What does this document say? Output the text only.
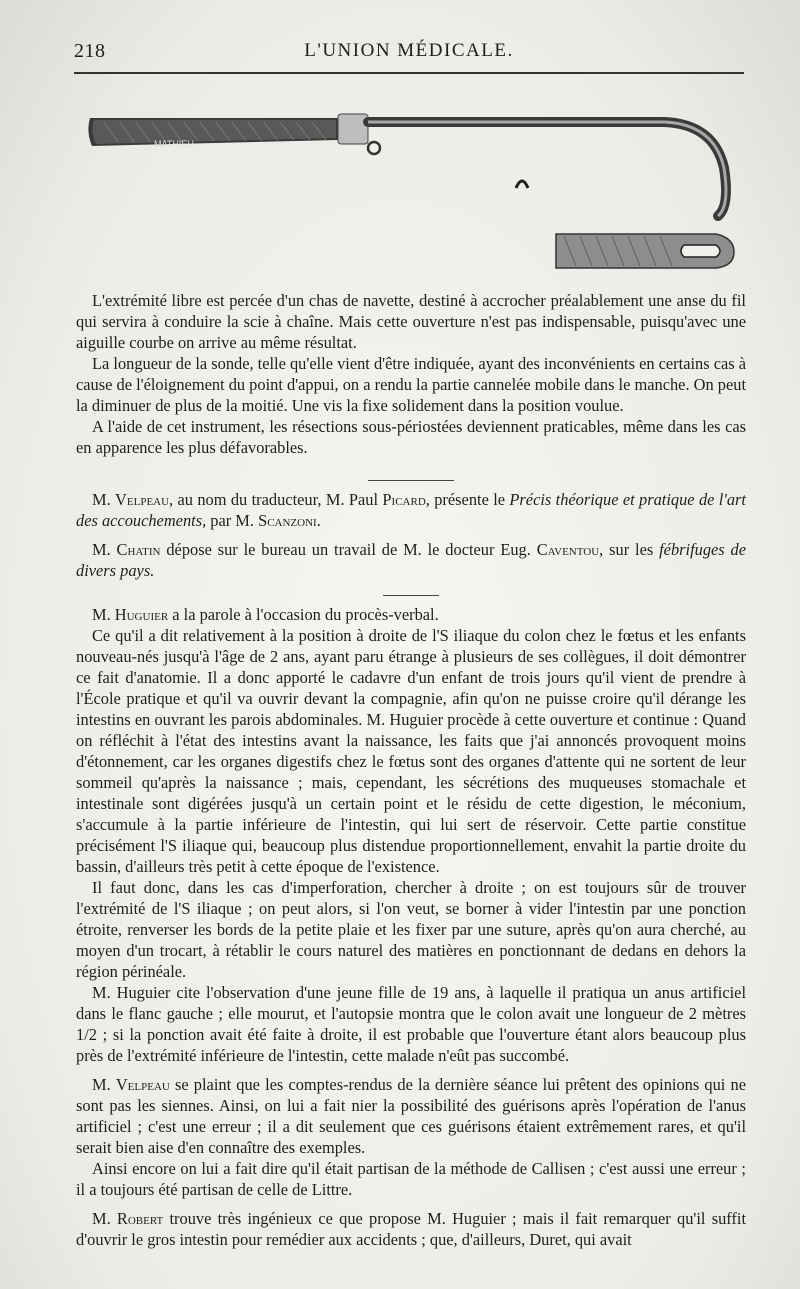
218	L'UNION MÉDICALE.
MATHIEU

L'extrémité libre est percée d'un chas de navette, destiné à accrocher préalablement une anse du fil qui servira à conduire la scie à chaîne. Mais cette ouverture n'est pas indispensable, puisqu'avec une aiguille courbe on arrive au même résultat.

La longueur de la sonde, telle qu'elle vient d'être indiquée, ayant des inconvénients en certains cas à cause de l'éloignement du point d'appui, on a rendu la partie cannelée mobile dans le manche. On peut la diminuer de plus de la moitié. Une vis la fixe solidement dans la position voulue.

A l'aide de cet instrument, les résections sous-périostées deviennent praticables, même dans les cas en apparence les plus défavorables.

M. Velpeau, au nom du traducteur, M. Paul Picard, présente le Précis théorique et pratique de l'art des accouchements, par M. Scanzoni.

M. Chatin dépose sur le bureau un travail de M. le docteur Eug. Caventou, sur les fébrifuges de divers pays.

M. Huguier a la parole à l'occasion du procès-verbal.

Ce qu'il a dit relativement à la position à droite de l'S iliaque du colon chez le fœtus et les enfants nouveau-nés jusqu'à l'âge de 2 ans, ayant paru étrange à plusieurs de ses collègues, il doit démontrer ce fait d'anatomie. Il a donc apporté le cadavre d'un enfant de trois jours qu'il vient de prendre à l'École pratique et qu'il va ouvrir devant la compagnie, afin qu'on ne puisse croire qu'il dérange les intestins en ouvrant les parois abdominales. M. Huguier procède à cette ouverture et continue : Quand on réfléchit à l'état des intestins avant la naissance, les faits que j'ai annoncés provoquent moins d'étonnement, car les organes digestifs chez le fœtus sont des organes d'attente qui ne sortent de leur sommeil qu'après la naissance ; mais, cependant, les sécrétions des muqueuses stomachale et intestinale sont digérées jusqu'à un certain point et le résidu de cette digestion, le méconium, s'accumule à la partie inférieure de l'intestin, qui lui sert de réservoir. Cette partie constitue précisément l'S iliaque qui, beaucoup plus distendue proportionnellement, envahit la partie droite du bassin, d'ailleurs très petit à cette époque de l'existence.

Il faut donc, dans les cas d'imperforation, chercher à droite ; on est toujours sûr de trouver l'extrémité de l'S iliaque ; on peut alors, si l'on veut, se borner à vider l'intestin par une ponction étroite, renverser les bords de la petite plaie et les fixer par une suture, après qu'on aura cherché, au moyen d'un trocart, à rétablir le cours naturel des matières en ponctionnant de dedans en dehors la région périnéale.

M. Huguier cite l'observation d'une jeune fille de 19 ans, à laquelle il pratiqua un anus artificiel dans le flanc gauche ; elle mourut, et l'autopsie montra que le colon avait une longueur de 2 mètres 1/2 ; si la ponction avait été faite à droite, il est probable que l'ouverture étant alors beaucoup plus près de l'extrémité inférieure de l'intestin, cette malade n'eût pas succombé.

M. Velpeau se plaint que les comptes-rendus de la dernière séance lui prêtent des opinions qui ne sont pas les siennes. Ainsi, on lui a fait nier la possibilité des guérisons après l'opération de l'anus artificiel ; c'est une erreur ; il a dit seulement que ces guérisons étaient extrêmement rares, et qu'il serait bien aise d'en connaître des exemples.

Ainsi encore on lui a fait dire qu'il était partisan de la méthode de Callisen ; c'est aussi une erreur ; il a toujours été partisan de celle de Littre.

M. Robert trouve très ingénieux ce que propose M. Huguier ; mais il fait remarquer qu'il suffit d'ouvrir le gros intestin pour remédier aux accidents ; que, d'ailleurs, Duret, qui avait
